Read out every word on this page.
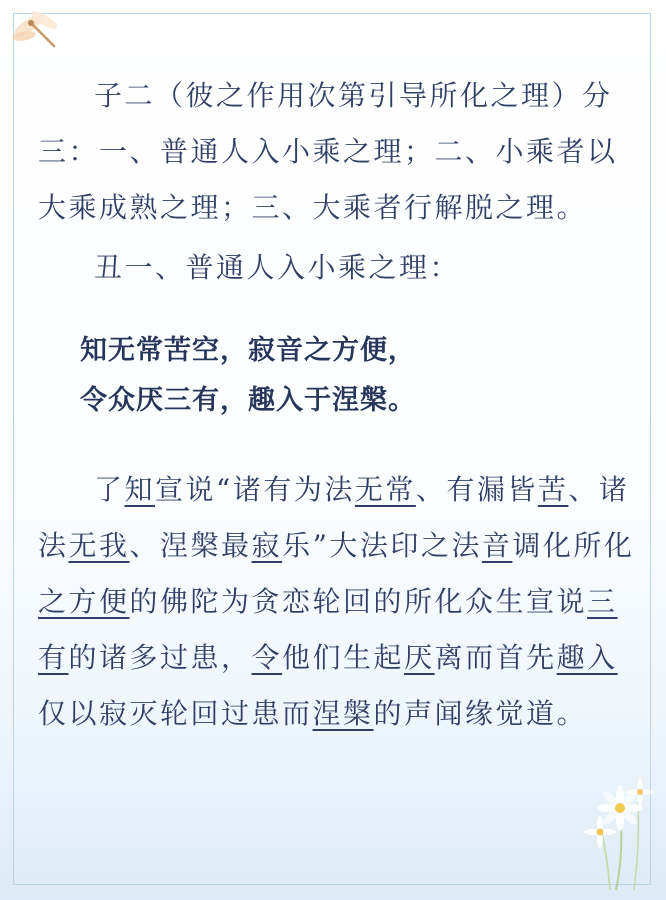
子二（彼之作用次第引导所化之理）分三：一、普通人入小乘之理；二、小乘者以大乘成熟之理；三、大乘者行解脱之理。

丑一、普通人入小乘之理：

知无常苦空，寂音之方便，
令众厌三有，趣入于涅槃。

了知宣说“诸有为法无常、有漏皆苦、诸法无我、涅槃最寂乐”大法印之法音调化所化之方便的佛陀为贪恋轮回的所化众生宣说三有的诸多过患，令他们生起厌离而首先趣入仅以寂灭轮回过患而涅槃的声闻缘觉道。
